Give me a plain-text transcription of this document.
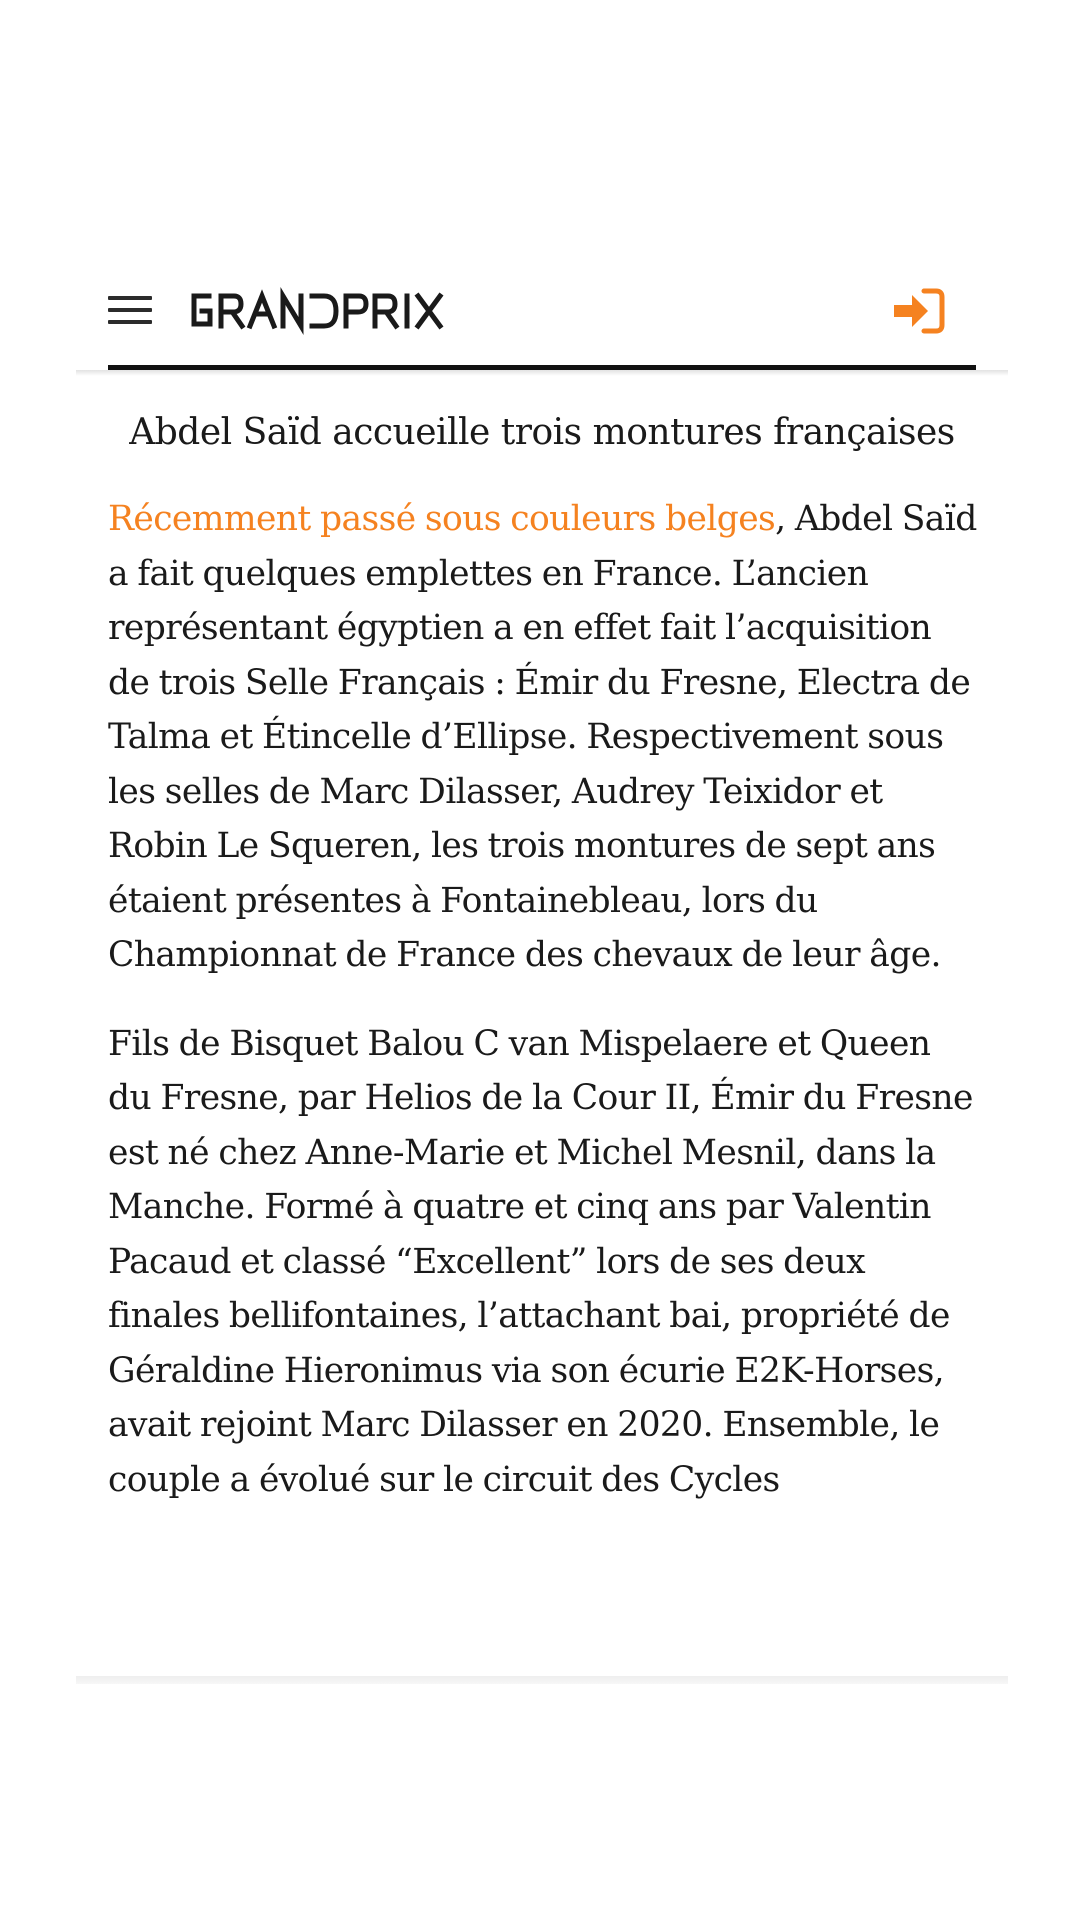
Abdel Saïd accueille trois montures françaises

Récemment passé sous couleurs belges, Abdel Saïd a fait quelques emplettes en France. L’ancien représentant égyptien a en effet fait l’acquisition de trois Selle Français : Émir du Fresne, Electra de Talma et Étincelle d’Ellipse. Respectivement sous les selles de Marc Dilasser, Audrey Teixidor et Robin Le Squeren, les trois montures de sept ans étaient présentes à Fontainebleau, lors du Championnat de France des chevaux de leur âge.

Fils de Bisquet Balou C van Mispelaere et Queen du Fresne, par Helios de la Cour II, Émir du Fresne est né chez Anne-Marie et Michel Mesnil, dans la Manche. Formé à quatre et cinq ans par Valentin Pacaud et classé “Excellent” lors de ses deux finales bellifontaines, l’attachant bai, propriété de Géraldine Hieronimus via son écurie E2K-Horses, avait rejoint Marc Dilasser en 2020. Ensemble, le couple a évolué sur le circuit des Cycles
